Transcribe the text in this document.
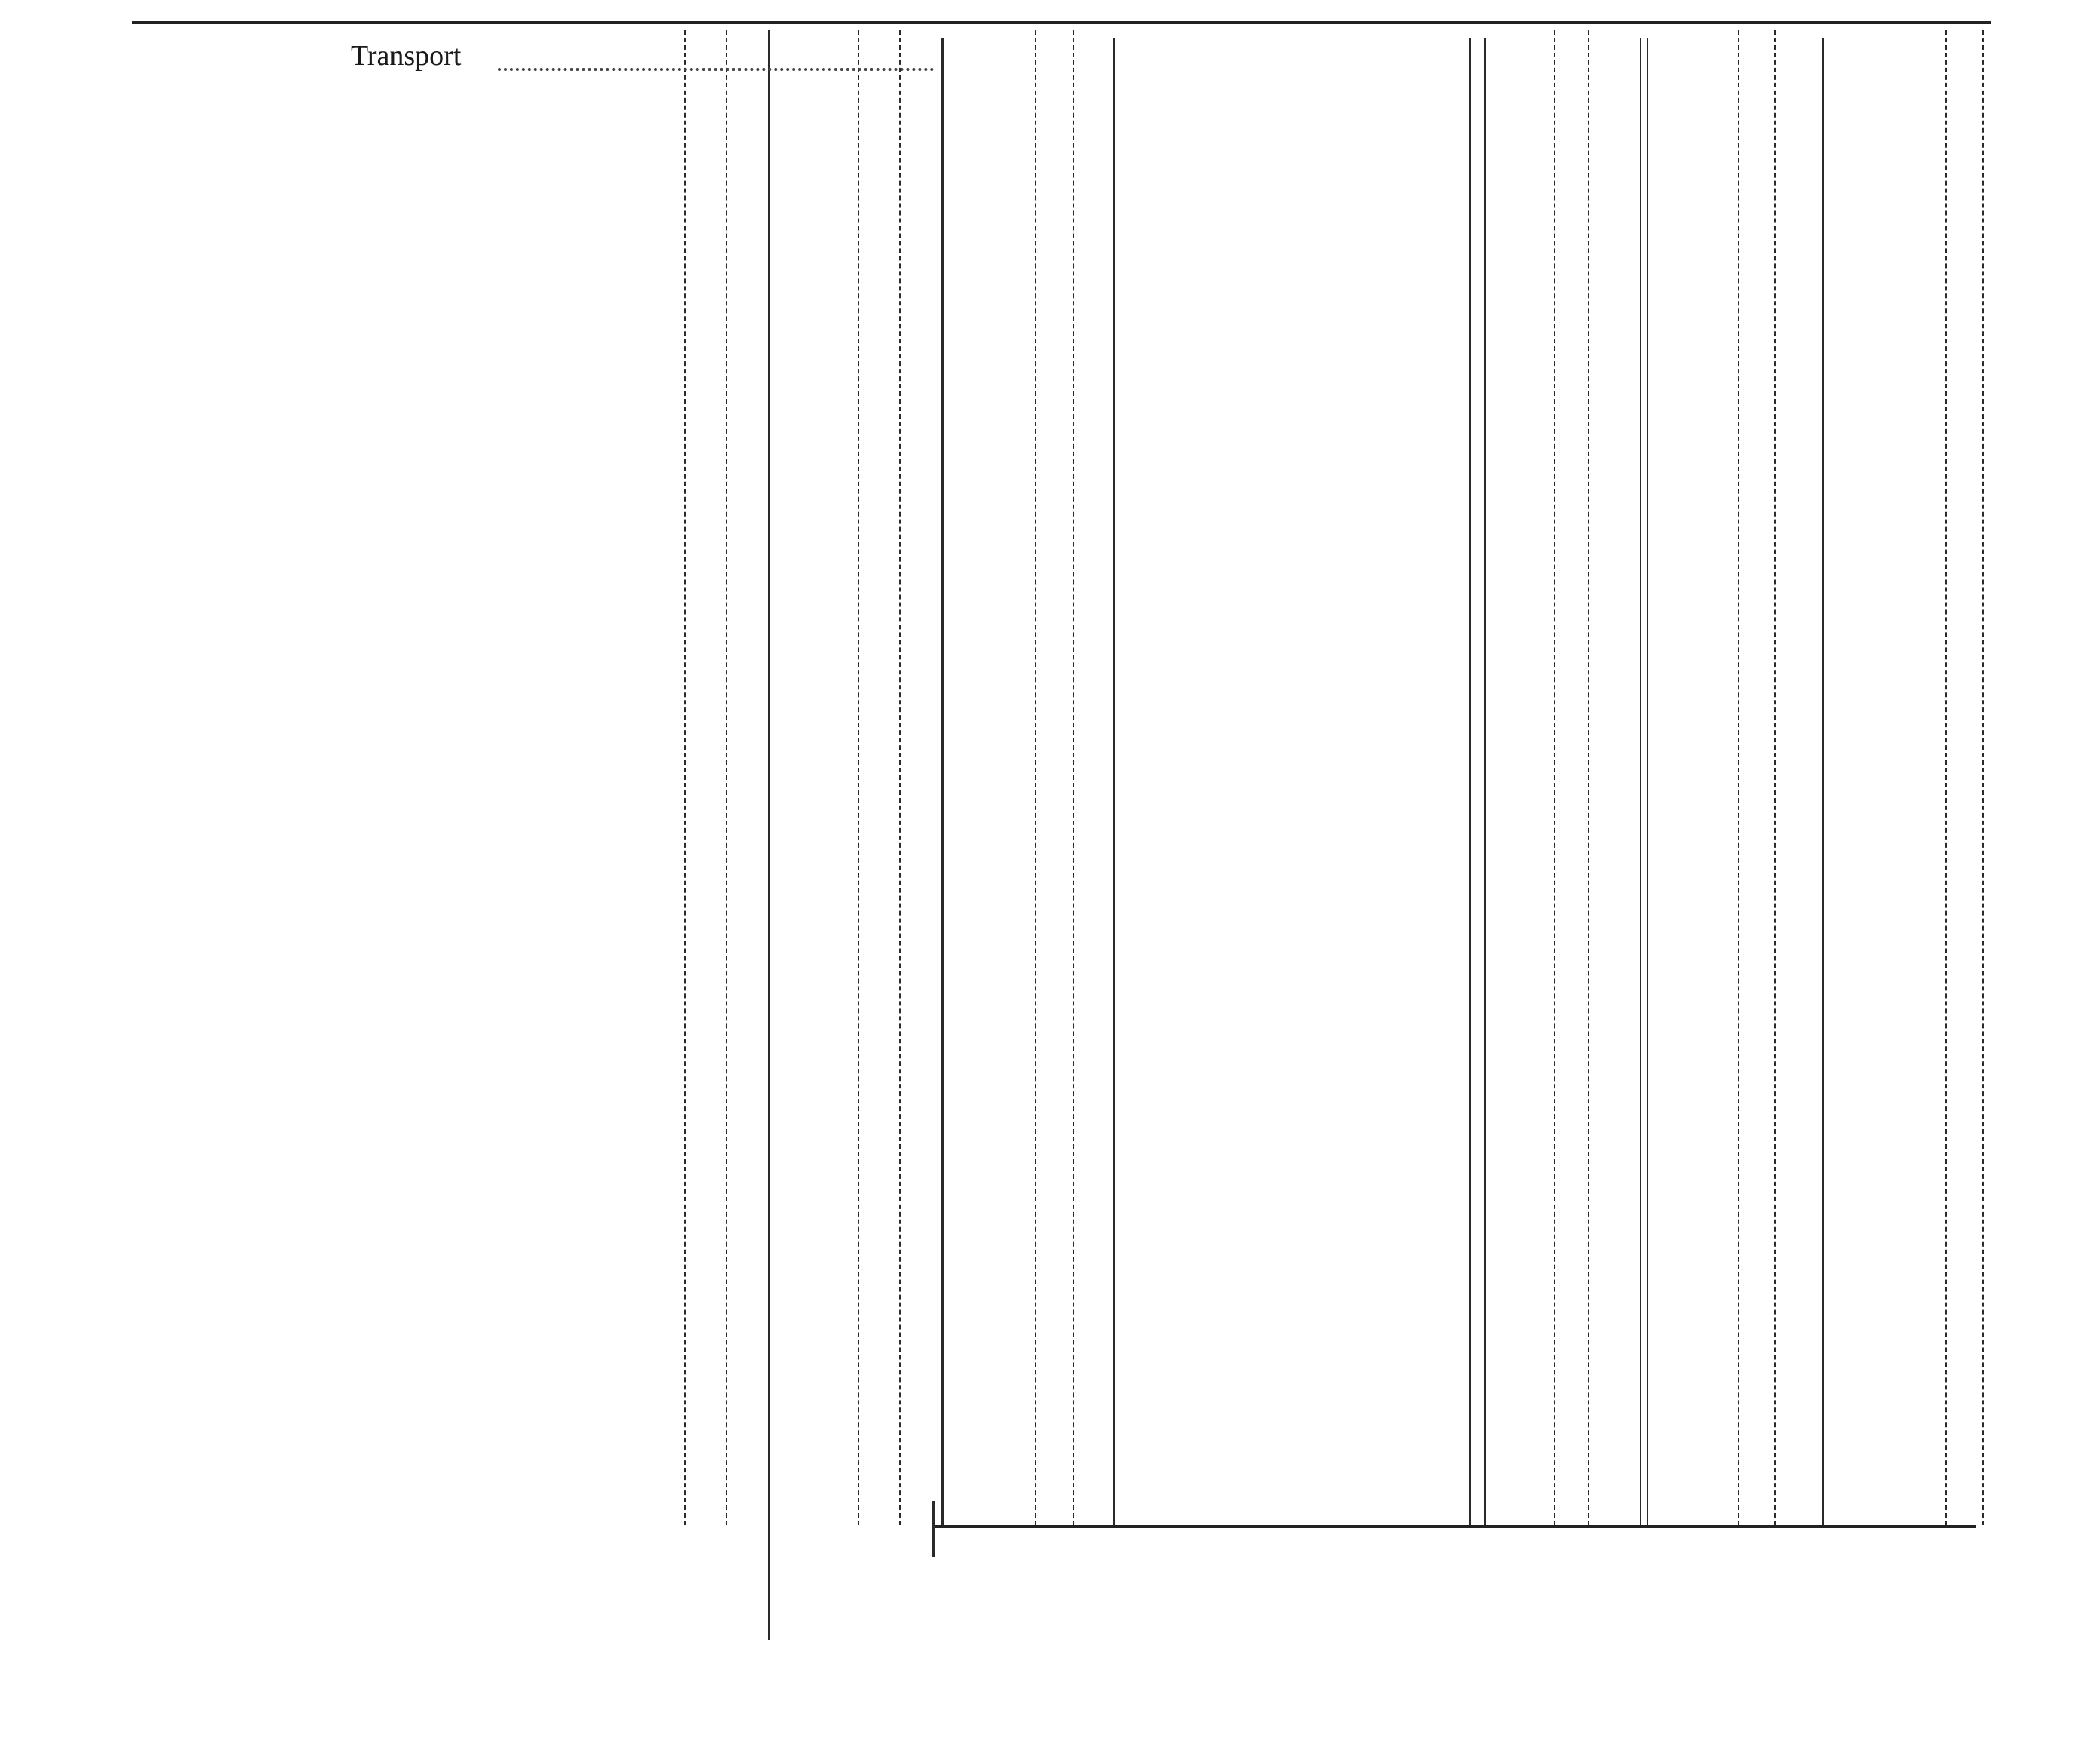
Transport
